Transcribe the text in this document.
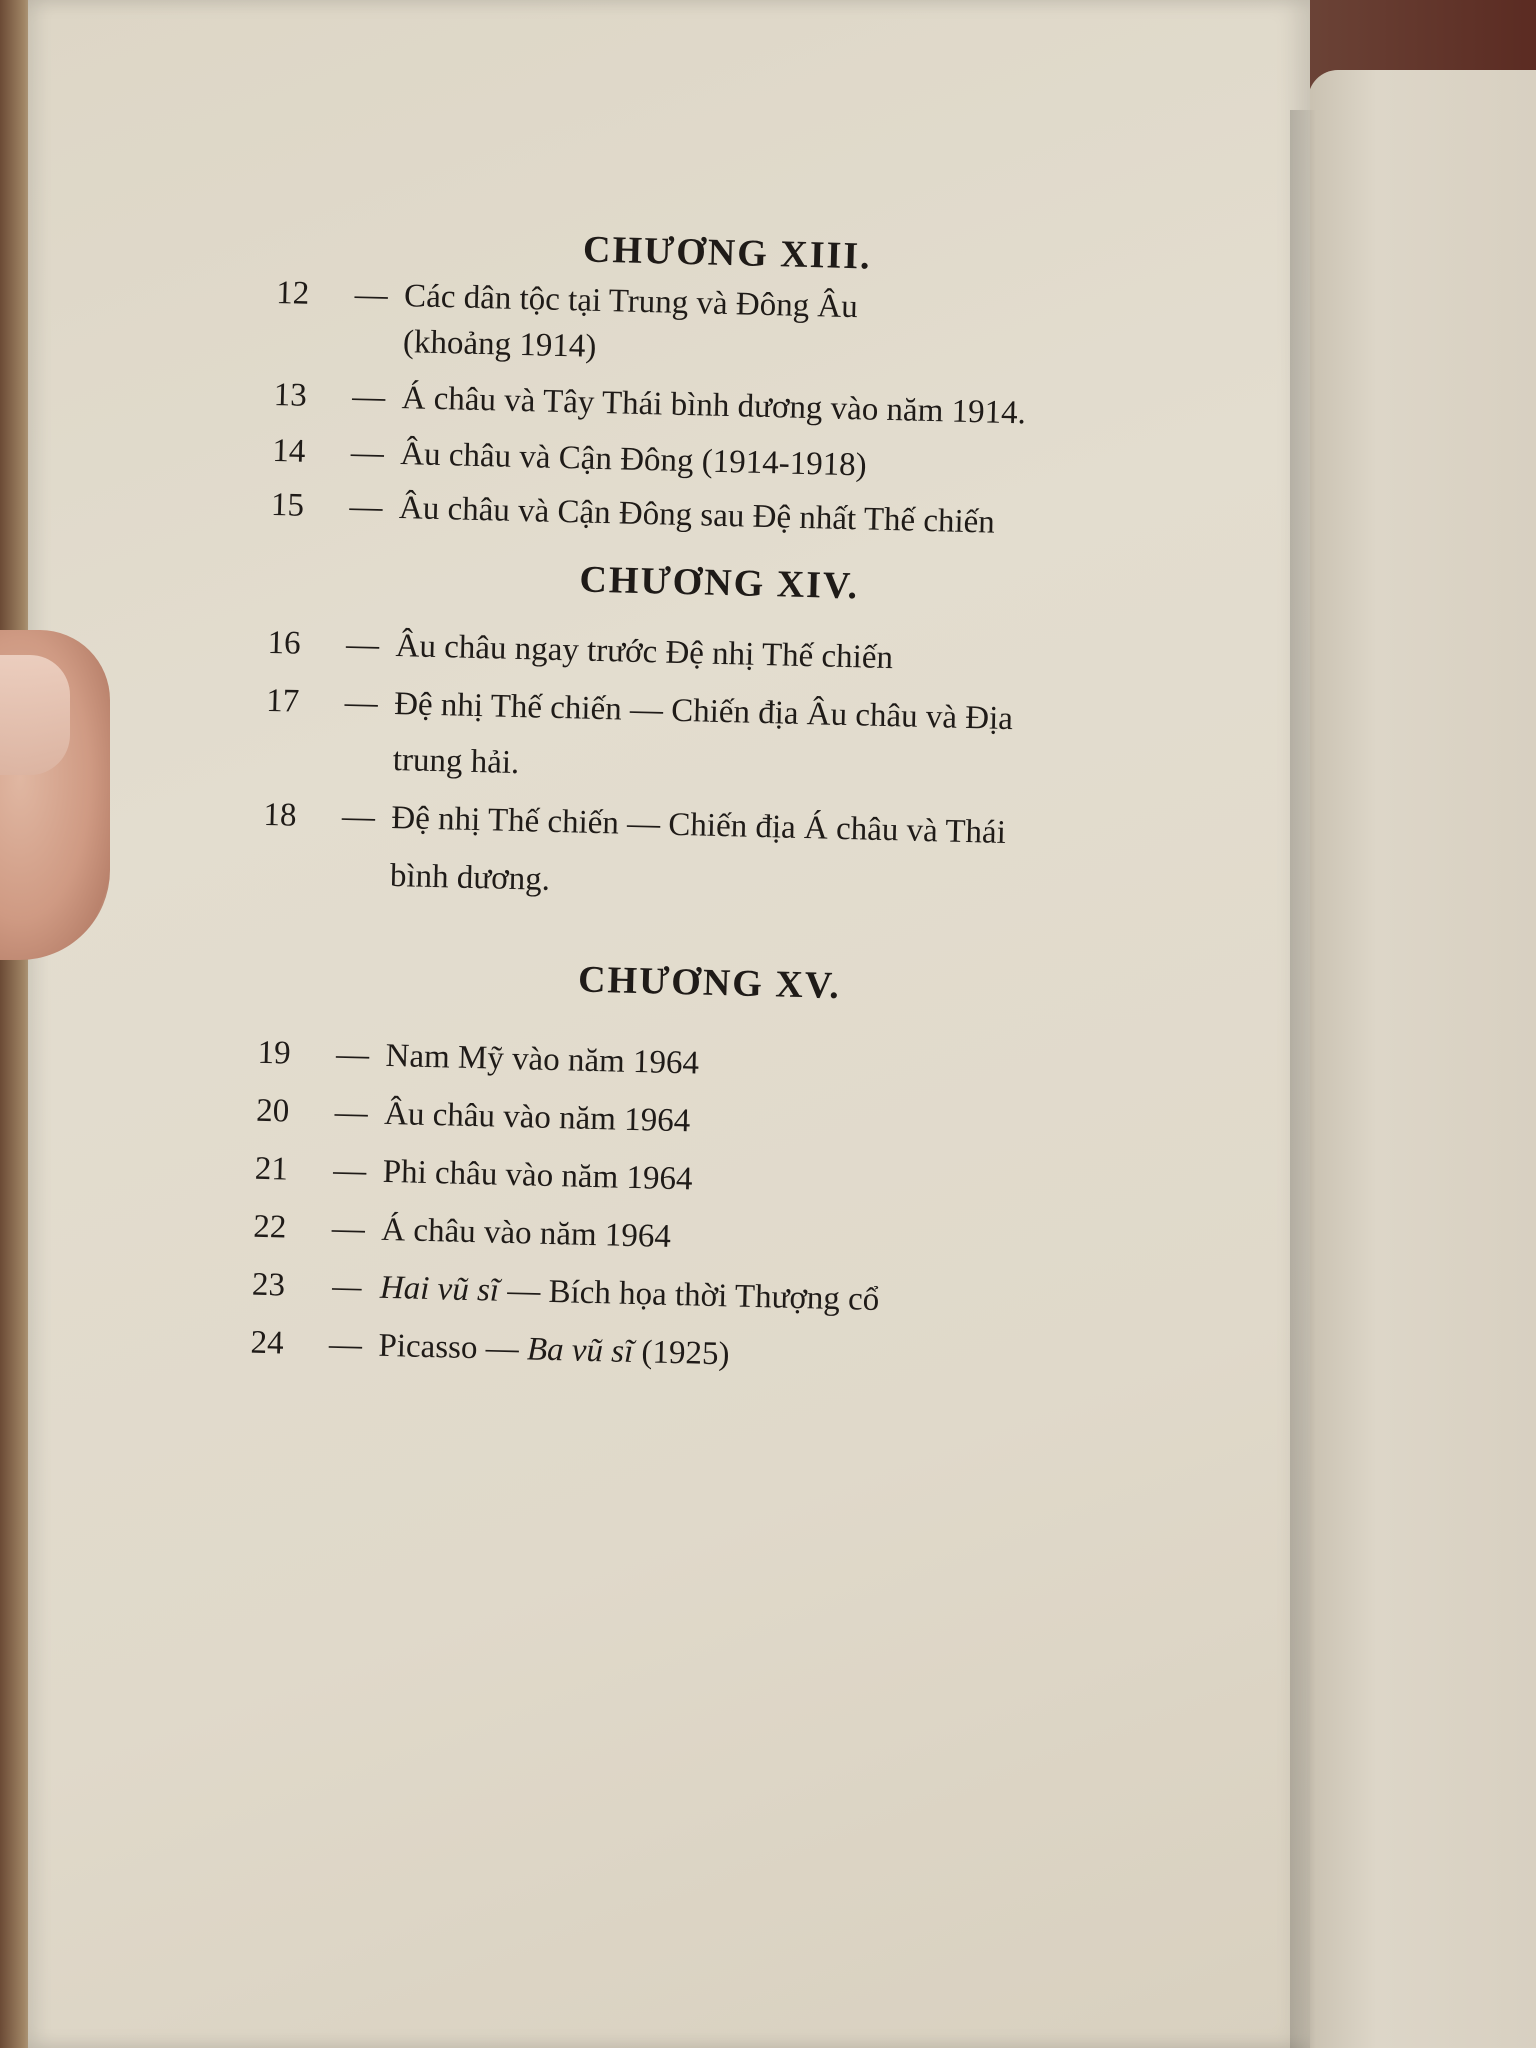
CHƯƠNG XIII.
12 — Các dân tộc tại Trung và Đông Âu
(khoảng 1914)
13 — Á châu và Tây Thái bình dương vào năm 1914.
14 — Âu châu và Cận Đông (1914-1918)
15 — Âu châu và Cận Đông sau Đệ nhất Thế chiến
CHƯƠNG XIV.
16 — Âu châu ngay trước Đệ nhị Thế chiến
17 — Đệ nhị Thế chiến — Chiến địa Âu châu và Địa
trung hải.
18 — Đệ nhị Thế chiến — Chiến địa Á châu và Thái
bình dương.
CHƯƠNG XV.
19 — Nam Mỹ vào năm 1964
20 — Âu châu vào năm 1964
21 — Phi châu vào năm 1964
22 — Á châu vào năm 1964
23 — Hai vũ sĩ — Bích họa thời Thượng cổ
24 — Picasso — Ba vũ sĩ (1925)
